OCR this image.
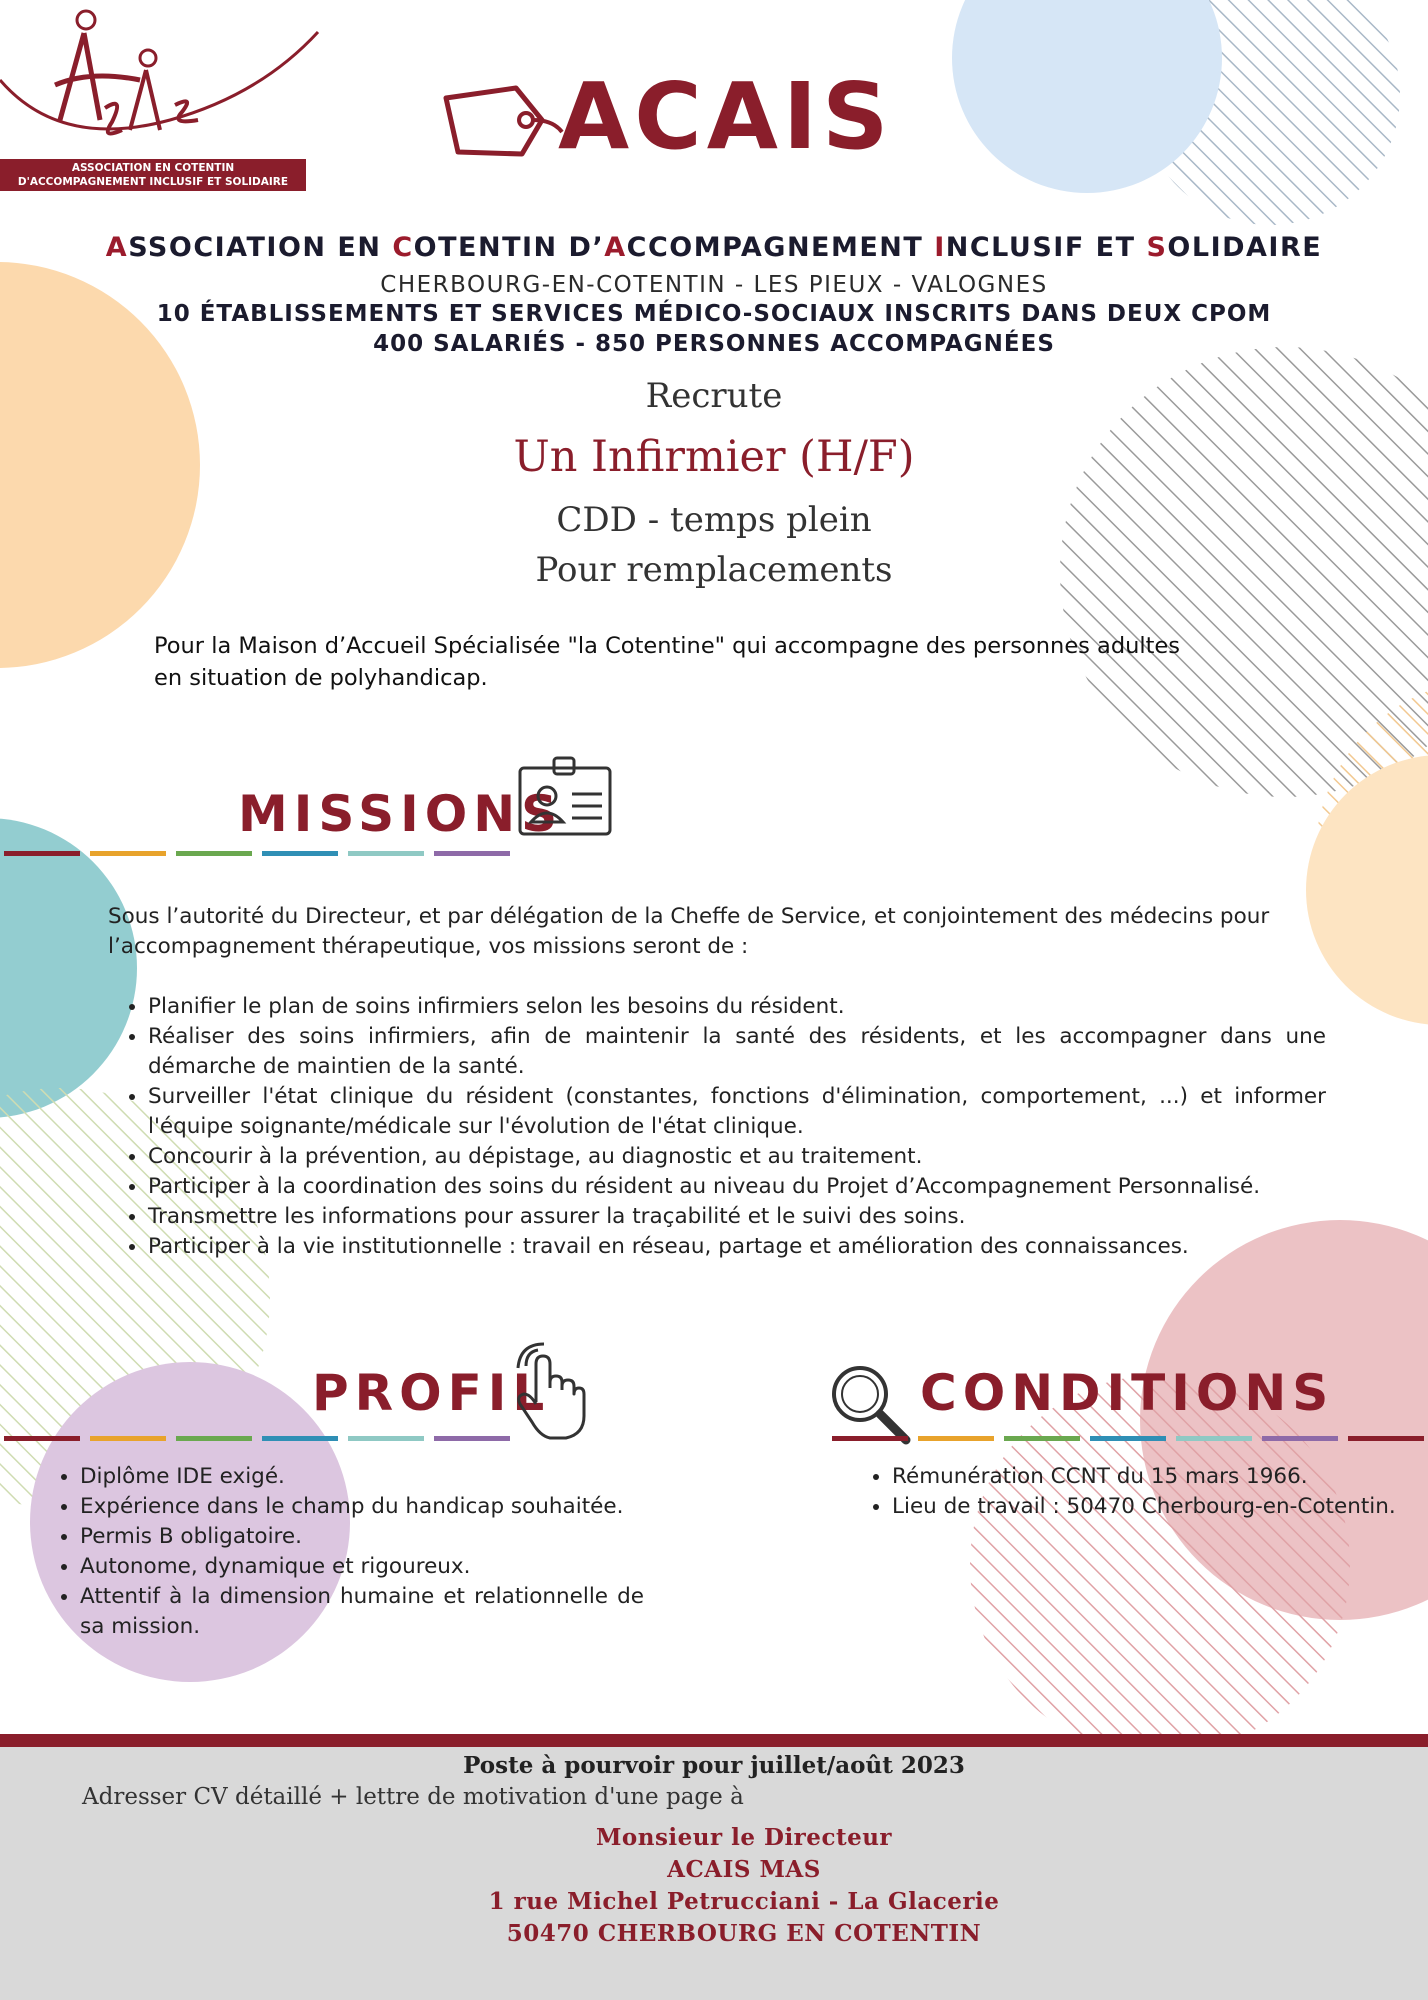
ASSOCIATION EN COTENTIN
D'ACCOMPAGNEMENT INCLUSIF ET SOLIDAIRE
ACAIS
ASSOCIATION EN COTENTIN D’ACCOMPAGNEMENT INCLUSIF ET SOLIDAIRE
CHERBOURG-EN-COTENTIN - LES PIEUX - VALOGNES
10 ÉTABLISSEMENTS ET SERVICES MÉDICO-SOCIAUX INSCRITS DANS DEUX CPOM
400 SALARIÉS - 850 PERSONNES ACCOMPAGNÉES
Recrute
Un Infirmier (H/F)
CDD - temps plein
Pour remplacements
Pour la Maison d’Accueil Spécialisée "la Cotentine" qui accompagne des personnes adultes
en situation de polyhandicap.
MISSIONS
Sous l’autorité du Directeur, et par délégation de la Cheffe de Service, et conjointement des médecins pour
l’accompagnement thérapeutique, vos missions seront de :
• Planifier le plan de soins infirmiers selon les besoins du résident.
• Réaliser des soins infirmiers, afin de maintenir la santé des résidents, et les accompagner dans une démarche de maintien de la santé.
• Surveiller l'état clinique du résident (constantes, fonctions d'élimination, comportement, ...) et informer l'équipe soignante/médicale sur l'évolution de l'état clinique.
• Concourir à la prévention, au dépistage, au diagnostic et au traitement.
• Participer à la coordination des soins du résident au niveau du Projet d’Accompagnement Personnalisé.
• Transmettre les informations pour assurer la traçabilité et le suivi des soins.
• Participer à la vie institutionnelle : travail en réseau, partage et amélioration des connaissances.
PROFIL
• Diplôme IDE exigé.
• Expérience dans le champ du handicap souhaitée.
• Permis B obligatoire.
• Autonome, dynamique et rigoureux.
• Attentif à la dimension humaine et relationnelle de sa mission.
CONDITIONS
• Rémunération CCNT du 15 mars 1966.
• Lieu de travail : 50470 Cherbourg-en-Cotentin.
Poste à pourvoir pour juillet/août 2023
Adresser CV détaillé + lettre de motivation d'une page à
Monsieur le Directeur
ACAIS MAS
1 rue Michel Petrucciani - La Glacerie
50470 CHERBOURG EN COTENTIN
